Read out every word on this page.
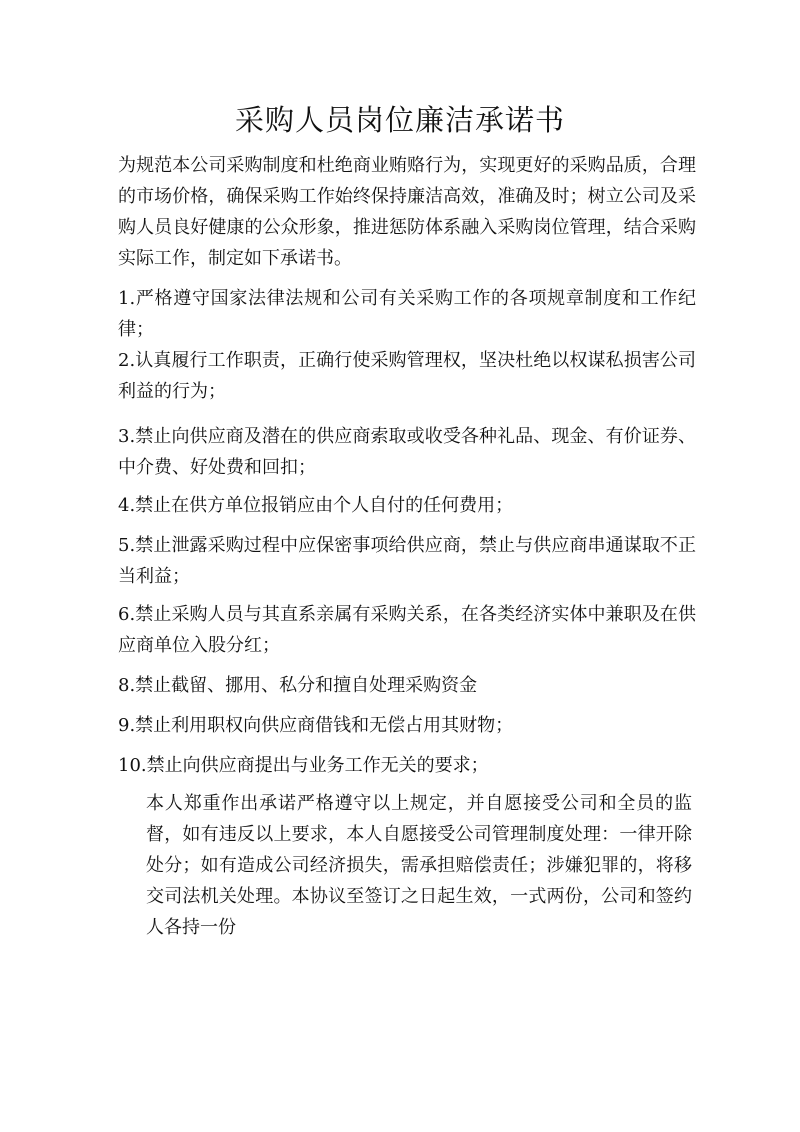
采购人员岗位廉洁承诺书

为规范本公司采购制度和杜绝商业贿赂行为，实现更好的采购品质，合理的市场价格，确保采购工作始终保持廉洁高效，准确及时；树立公司及采购人员良好健康的公众形象，推进惩防体系融入采购岗位管理，结合采购实际工作，制定如下承诺书。

1.严格遵守国家法律法规和公司有关采购工作的各项规章制度和工作纪律；

2.认真履行工作职责，正确行使采购管理权，坚决杜绝以权谋私损害公司利益的行为；

3.禁止向供应商及潜在的供应商索取或收受各种礼品、现金、有价证券、中介费、好处费和回扣；

4.禁止在供方单位报销应由个人自付的任何费用；

5.禁止泄露采购过程中应保密事项给供应商，禁止与供应商串通谋取不正当利益；

6.禁止采购人员与其直系亲属有采购关系，在各类经济实体中兼职及在供应商单位入股分红；

8.禁止截留、挪用、私分和擅自处理采购资金

9.禁止利用职权向供应商借钱和无偿占用其财物；

10.禁止向供应商提出与业务工作无关的要求；

本人郑重作出承诺严格遵守以上规定，并自愿接受公司和全员的监督，如有违反以上要求，本人自愿接受公司管理制度处理：一律开除处分；如有造成公司经济损失，需承担赔偿责任；涉嫌犯罪的，将移交司法机关处理。本协议至签订之日起生效，一式两份，公司和签约人各持一份
